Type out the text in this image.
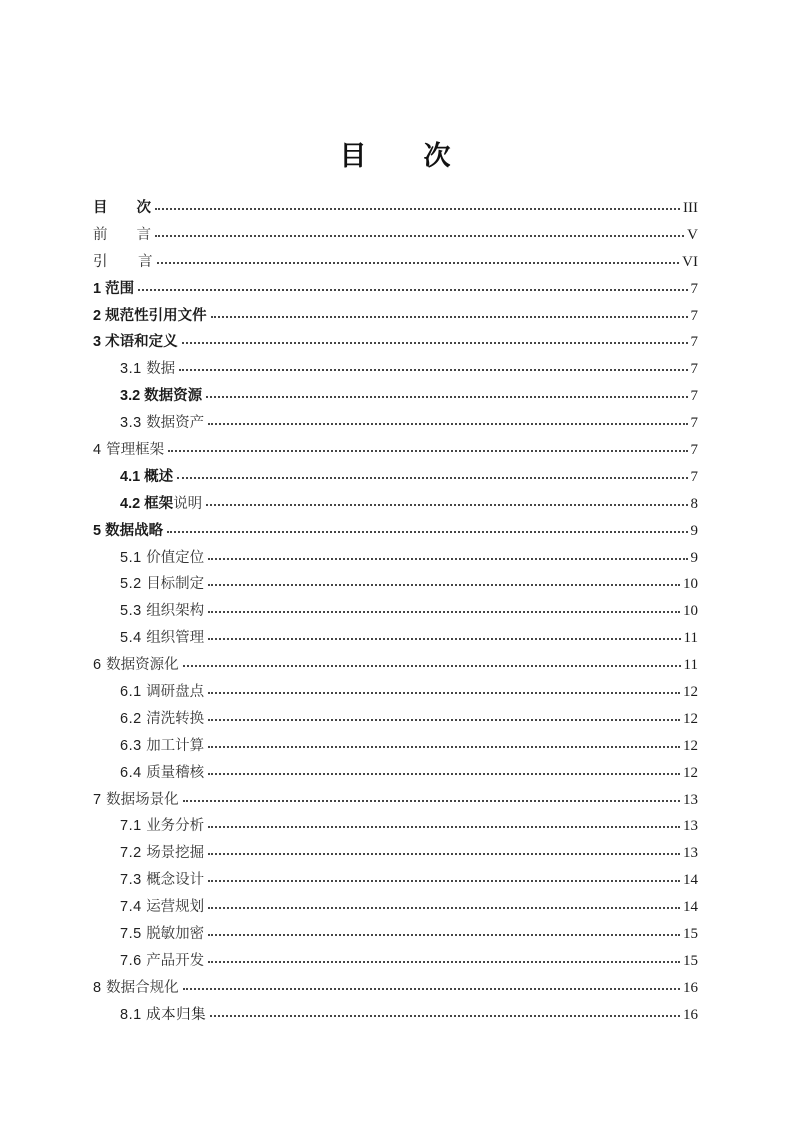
目　　次
目　　次	III
前　　言	V
引　　言	VI
1 范围	7
2 规范性引用文件	7
3 术语和定义	7
3.1 数据	7
3.2 数据资源	7
3.3 数据资产	7
4 管理框架	7
4.1 概述	7
4.2 框架说明	8
5 数据战略	9
5.1 价值定位	9
5.2 目标制定	10
5.3 组织架构	10
5.4 组织管理	11
6 数据资源化	11
6.1 调研盘点	12
6.2 清洗转换	12
6.3 加工计算	12
6.4 质量稽核	12
7 数据场景化	13
7.1 业务分析	13
7.2 场景挖掘	13
7.3 概念设计	14
7.4 运营规划	14
7.5 脱敏加密	15
7.6 产品开发	15
8 数据合规化	16
8.1 成本归集	16
